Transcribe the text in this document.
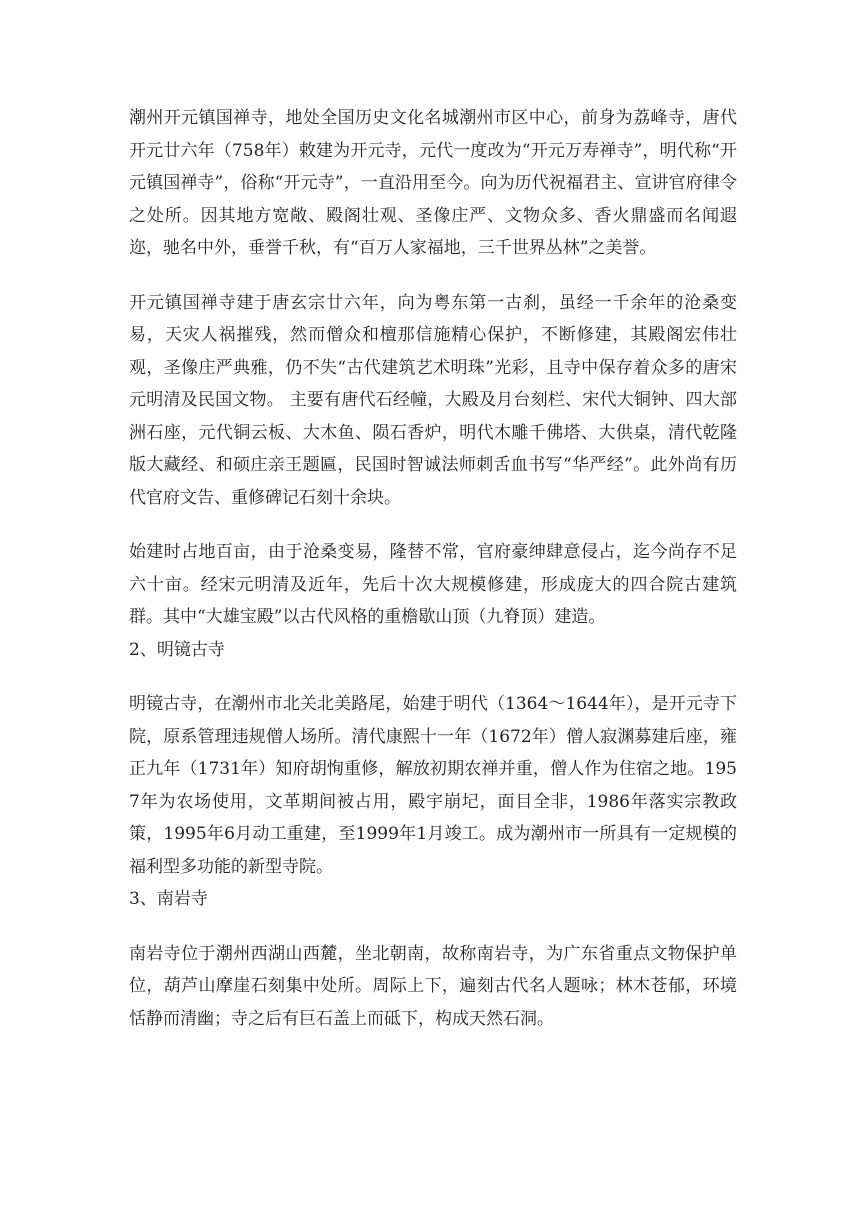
潮州开元镇国禅寺，地处全国历史文化名城潮州市区中心，前身为荔峰寺，唐代开元廿六年（758年）敕建为开元寺，元代一度改为“开元万寿禅寺”，明代称“开元镇国禅寺”，俗称“开元寺”，一直沿用至今。向为历代祝福君主、宣讲官府律令之处所。因其地方宽敞、殿阁壮观、圣像庄严、文物众多、香火鼎盛而名闻遐迩，驰名中外，垂誉千秋，有“百万人家福地，三千世界丛林”之美誉。

开元镇国禅寺建于唐玄宗廿六年，向为粤东第一古刹，虽经一千余年的沧桑变易，天灾人祸摧残，然而僧众和檀那信施精心保护，不断修建，其殿阁宏伟壮观，圣像庄严典雅，仍不失“古代建筑艺术明珠”光彩，且寺中保存着众多的唐宋元明清及民国文物。 主要有唐代石经幢，大殿及月台刻栏、宋代大铜钟、四大部洲石座，元代铜云板、大木鱼、陨石香炉，明代木雕千佛塔、大供桌，清代乾隆版大藏经、和硕庄亲王题匾，民国时智诚法师刺舌血书写“华严经”。此外尚有历代官府文告、重修碑记石刻十余块。

始建时占地百亩，由于沧桑变易，隆替不常，官府豪绅肆意侵占，迄今尚存不足六十亩。经宋元明清及近年，先后十次大规模修建，形成庞大的四合院古建筑群。其中“大雄宝殿”以古代风格的重檐歇山顶（九脊顶）建造。

2、明镜古寺

明镜古寺，在潮州市北关北美路尾，始建于明代（1364～1644年），是开元寺下院，原系管理违规僧人场所。清代康熙十一年（1672年）僧人寂渊募建后座，雍正九年（1731年）知府胡恂重修，解放初期农禅并重，僧人作为住宿之地。1957年为农场使用，文革期间被占用，殿宇崩圮，面目全非，1986年落实宗教政策，1995年6月动工重建，至1999年1月竣工。成为潮州市一所具有一定规模的福利型多功能的新型寺院。

3、南岩寺

南岩寺位于潮州西湖山西麓，坐北朝南，故称南岩寺，为广东省重点文物保护单位，葫芦山摩崖石刻集中处所。周际上下，遍刻古代名人题咏；林木苍郁，环境恬静而清幽；寺之后有巨石盖上而砥下，构成天然石洞。
